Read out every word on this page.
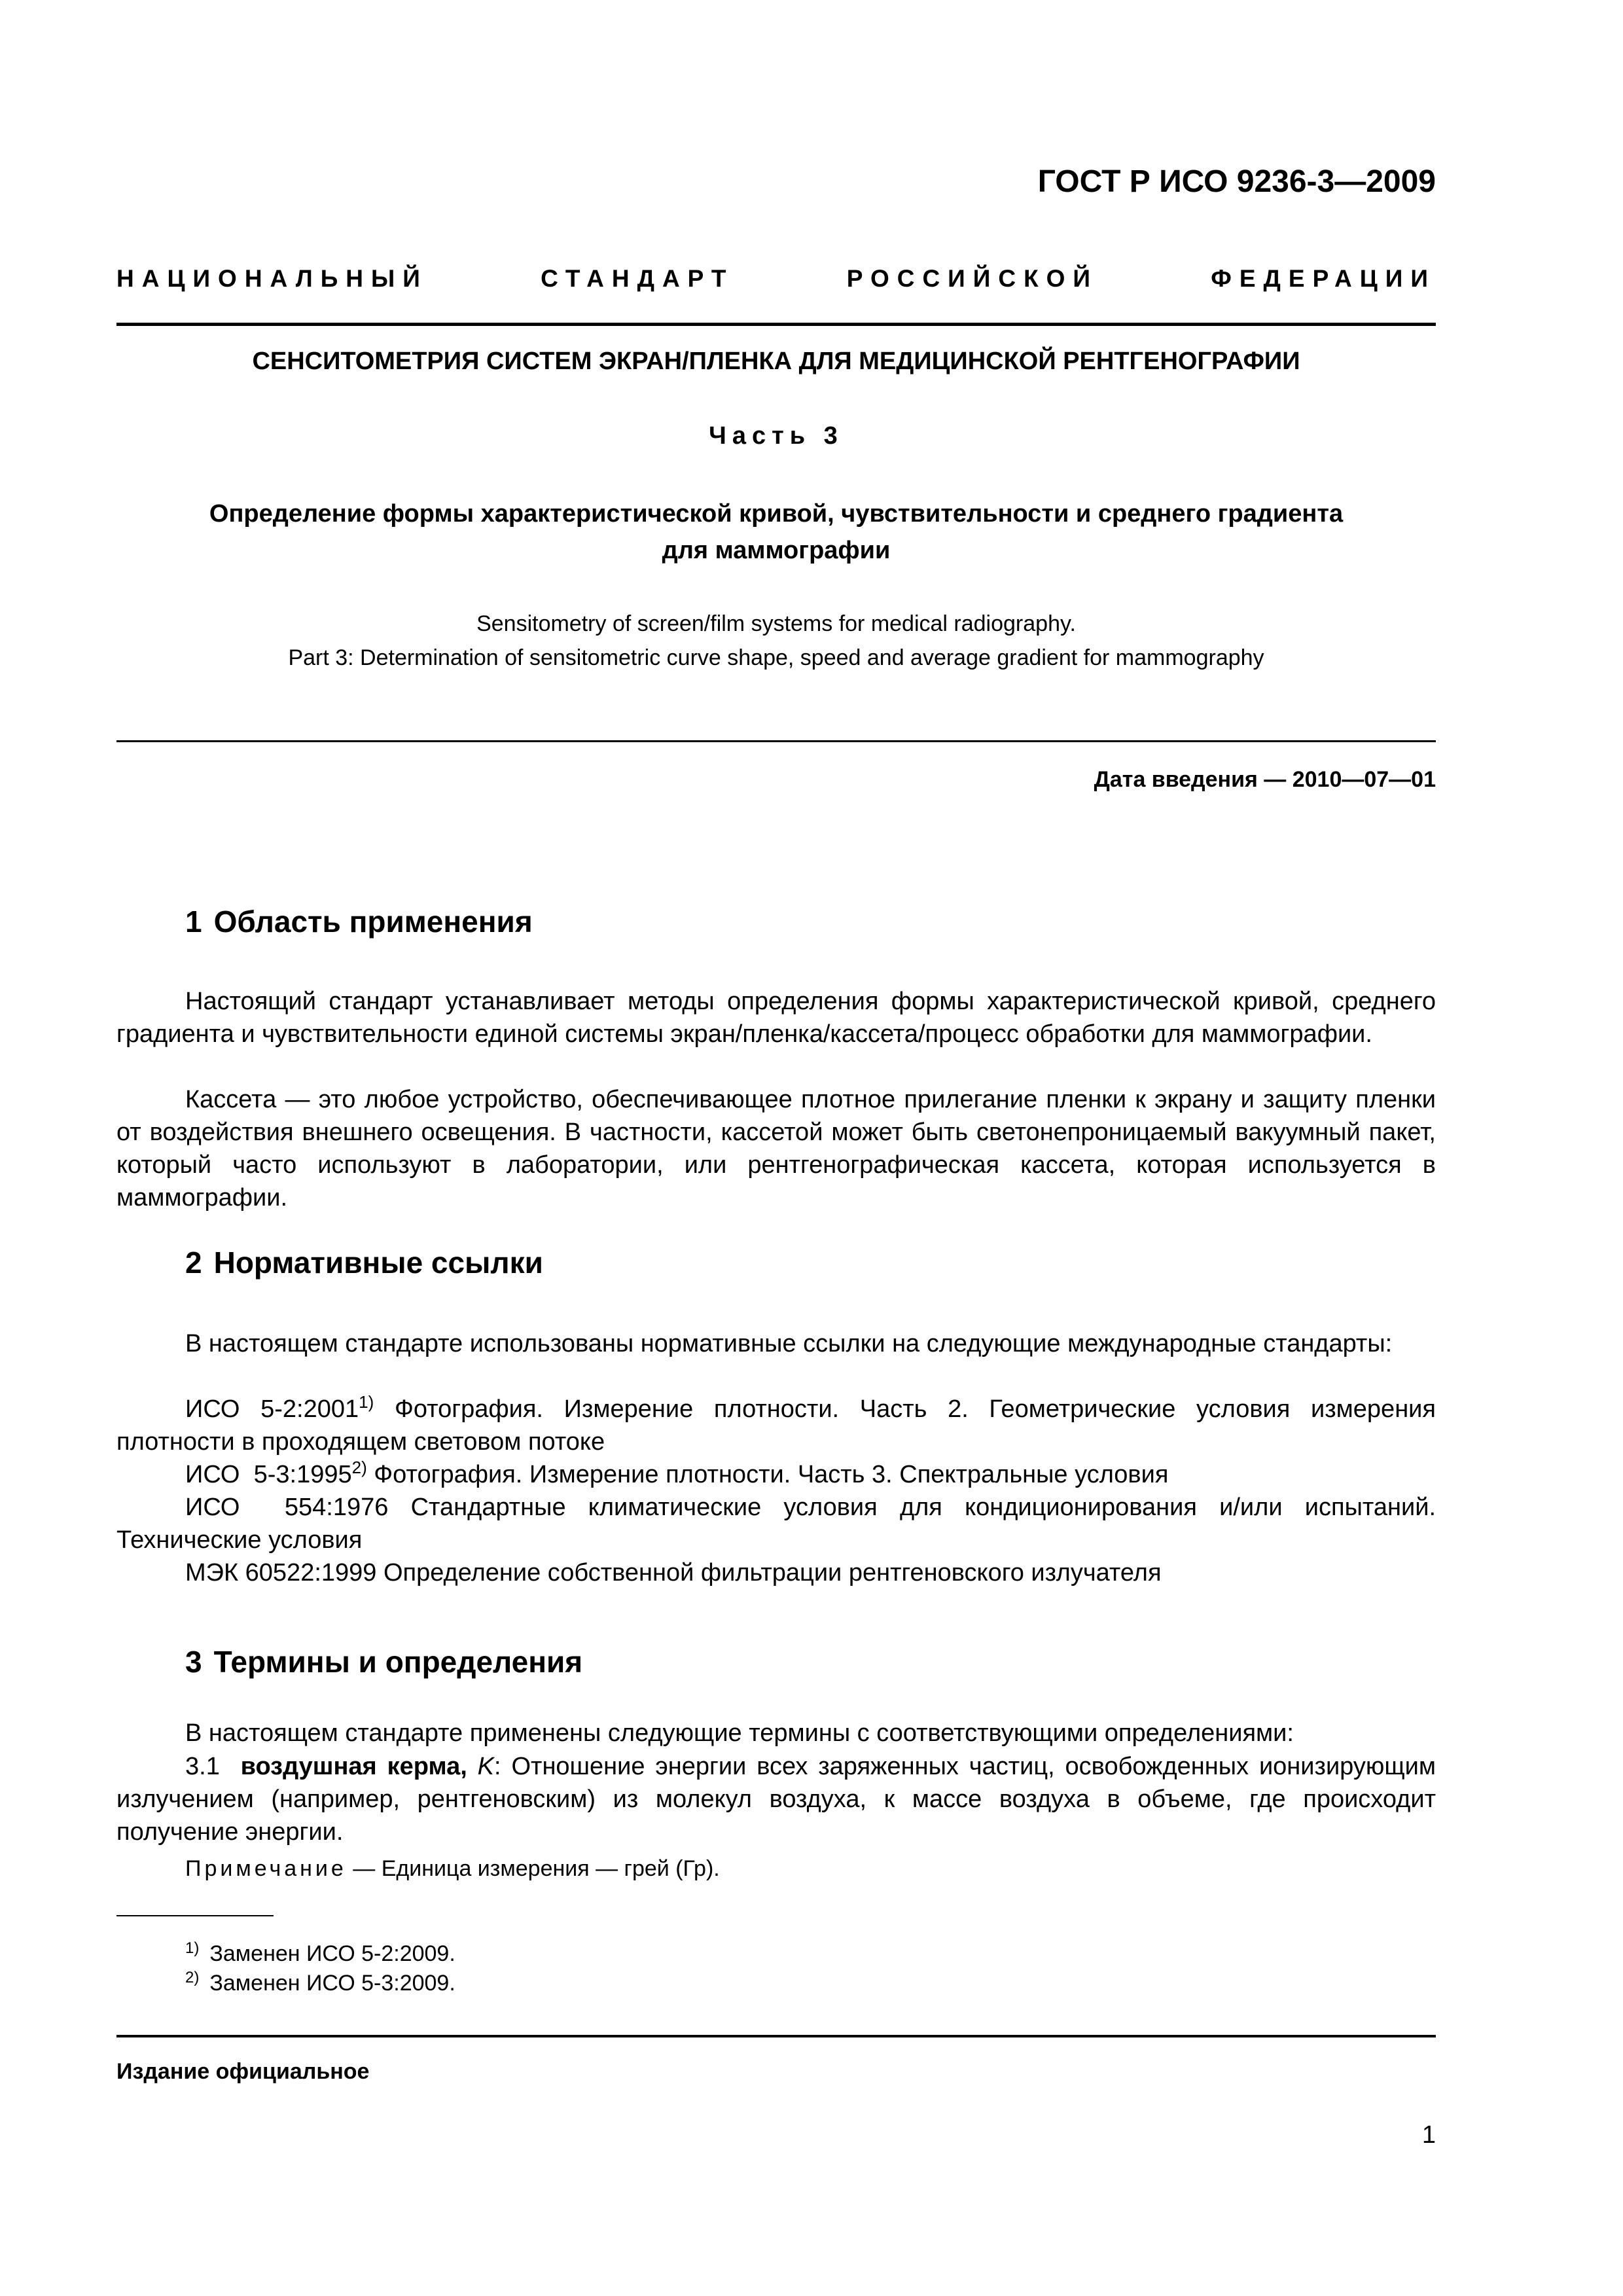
ГОСТ Р ИСО 9236-3—2009
НАЦИОНАЛЬНЫЙ	СТАНДАРТ	РОССИЙСКОЙ	ФЕДЕРАЦИИ
СЕНСИТОМЕТРИЯ СИСТЕМ ЭКРАН/ПЛЕНКА ДЛЯ МЕДИЦИНСКОЙ РЕНТГЕНОГРАФИИ
Часть 3
Определение формы характеристической кривой, чувствительности и среднего градиента
для маммографии
Sensitometry of screen/film systems for medical radiography.
Part 3: Determination of sensitometric curve shape, speed and average gradient for mammography
Дата введения — 2010—07—01
1 Область применения

Настоящий стандарт устанавливает методы определения формы характеристической кривой, среднего градиента и чувствительности единой системы экран/пленка/кассета/процесс обработки для маммографии.

Кассета — это любое устройство, обеспечивающее плотное прилегание пленки к экрану и защиту пленки от воздействия внешнего освещения. В частности, кассетой может быть светонепроницаемый вакуумный пакет, который часто используют в лаборатории, или рентгенографическая кассета, которая используется в маммографии.

2 Нормативные ссылки

В настоящем стандарте использованы нормативные ссылки на следующие международные стандарты:

ИСО 5-2:2001$^{1)}$ Фотография. Измерение плотности. Часть 2. Геометрические условия измерения плотности в проходящем световом потоке

ИСО  5-3:1995$^{2)}$ Фотография. Измерение плотности. Часть 3. Спектральные условия

ИСО  554:1976 Стандартные климатические условия для кондиционирования и/или испытаний. Технические условия

МЭК 60522:1999 Определение собственной фильтрации рентгеновского излучателя

3 Термины и определения

В настоящем стандарте применены следующие термины с соответствующими определениями:

3.1 воздушная керма, K: Отношение энергии всех заряженных частиц, освобожденных ионизирующим излучением (например, рентгеновским) из молекул воздуха, к массе воздуха в объеме, где происходит получение энергии.

Примечание — Единица измерения — грей (Гр).

$^{1)}$ Заменен ИСО 5-2:2009.
$^{2)}$ Заменен ИСО 5-3:2009.
Издание официальное
1
